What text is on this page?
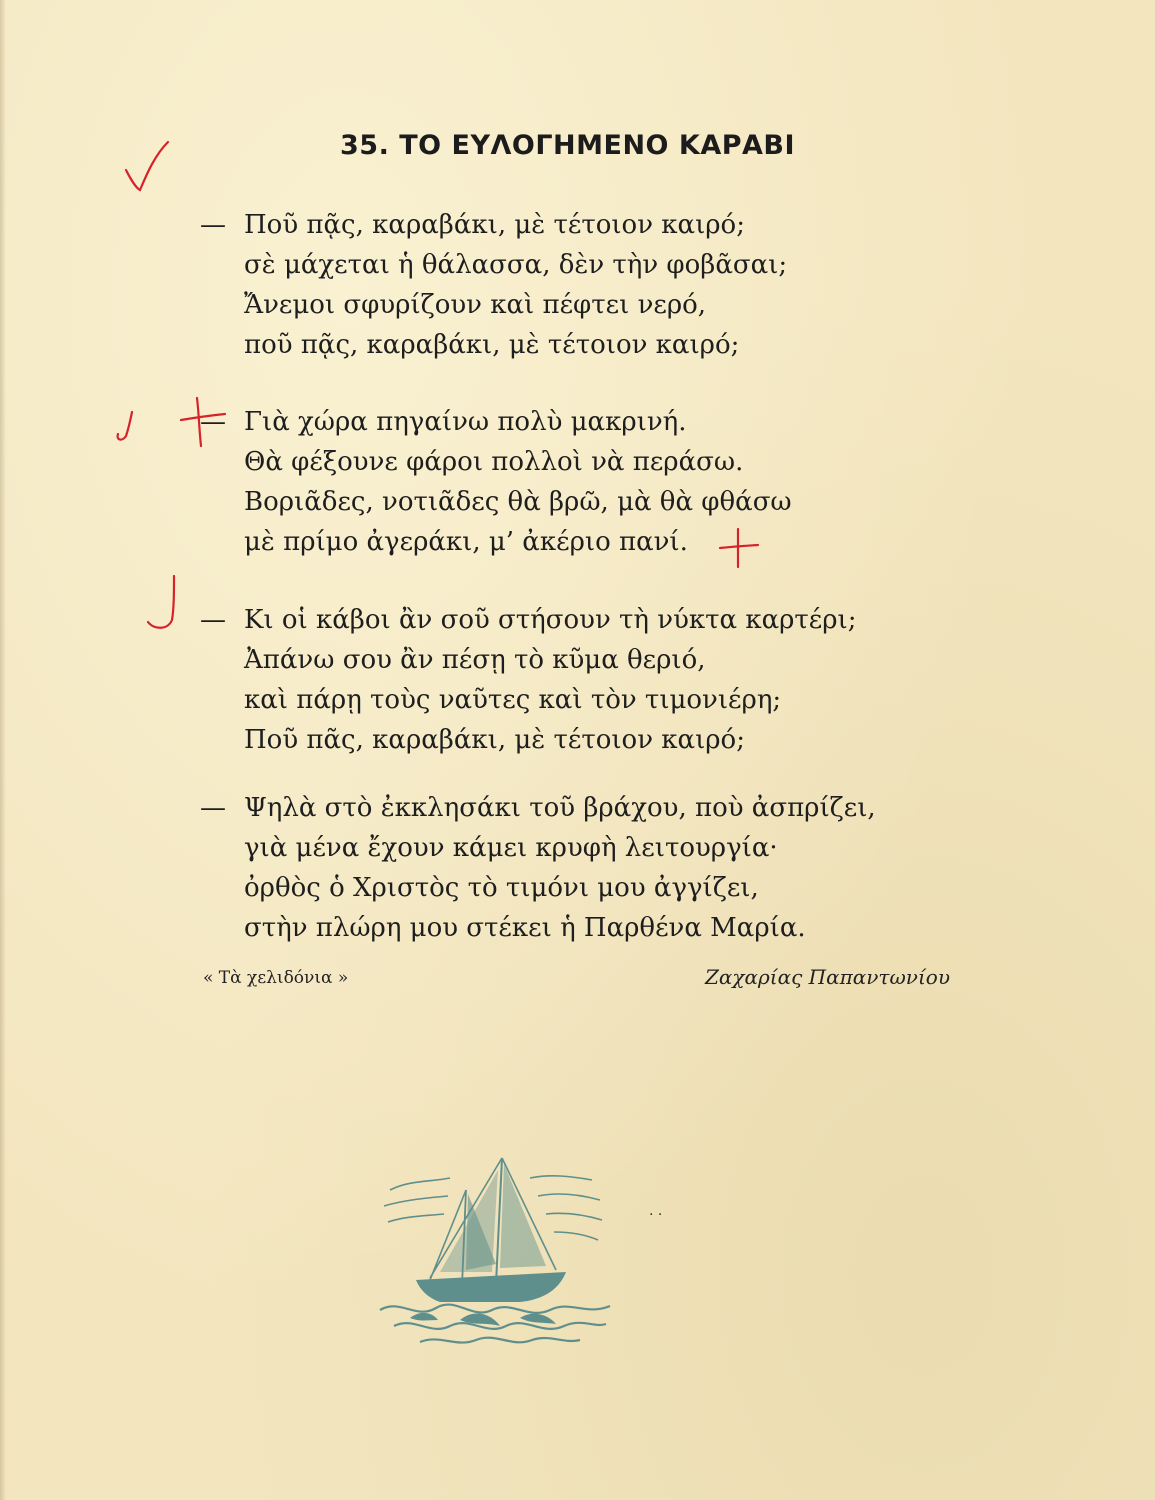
35. ΤΟ ΕΥΛΟΓΗΜΕΝΟ ΚΑΡΑΒΙ
— Ποῦ πᾷς, καραβάκι, μὲ τέτοιον καιρό;
σὲ μάχεται ἡ θάλασσα, δὲν τὴν φοβᾶσαι;
Ἄνεμοι σφυρίζουν καὶ πέφτει νερό,
ποῦ πᾷς, καραβάκι, μὲ τέτοιον καιρό;
— Γιὰ χώρα πηγαίνω πολὺ μακρινή.
Θὰ φέξουνε φάροι πολλοὶ νὰ περάσω.
Βοριᾶδες, νοτιᾶδες θὰ βρῶ, μὰ θὰ φθάσω
μὲ πρίμο ἀγεράκι, μ’ ἀκέριο πανί.
— Κι οἱ κάβοι ἂν σοῦ στήσουν τὴ νύκτα καρτέρι;
Ἀπάνω σου ἂν πέσῃ τὸ κῦμα θεριό,
καὶ πάρῃ τοὺς ναῦτες καὶ τὸν τιμονιέρη;
Ποῦ πᾶς, καραβάκι, μὲ τέτοιον καιρό;
— Ψηλὰ στὸ ἐκκλησάκι τοῦ βράχου, ποὺ ἀσπρίζει,
γιὰ μένα ἔχουν κάμει κρυφὴ λειτουργία·
ὀρθὸς ὁ Χριστὸς τὸ τιμόνι μου ἀγγίζει,
στὴν πλώρη μου στέκει ἡ Παρθένα Μαρία.
« Τὰ χελιδόνια »	Ζαχαρίας Παπαντωνίου
. .
